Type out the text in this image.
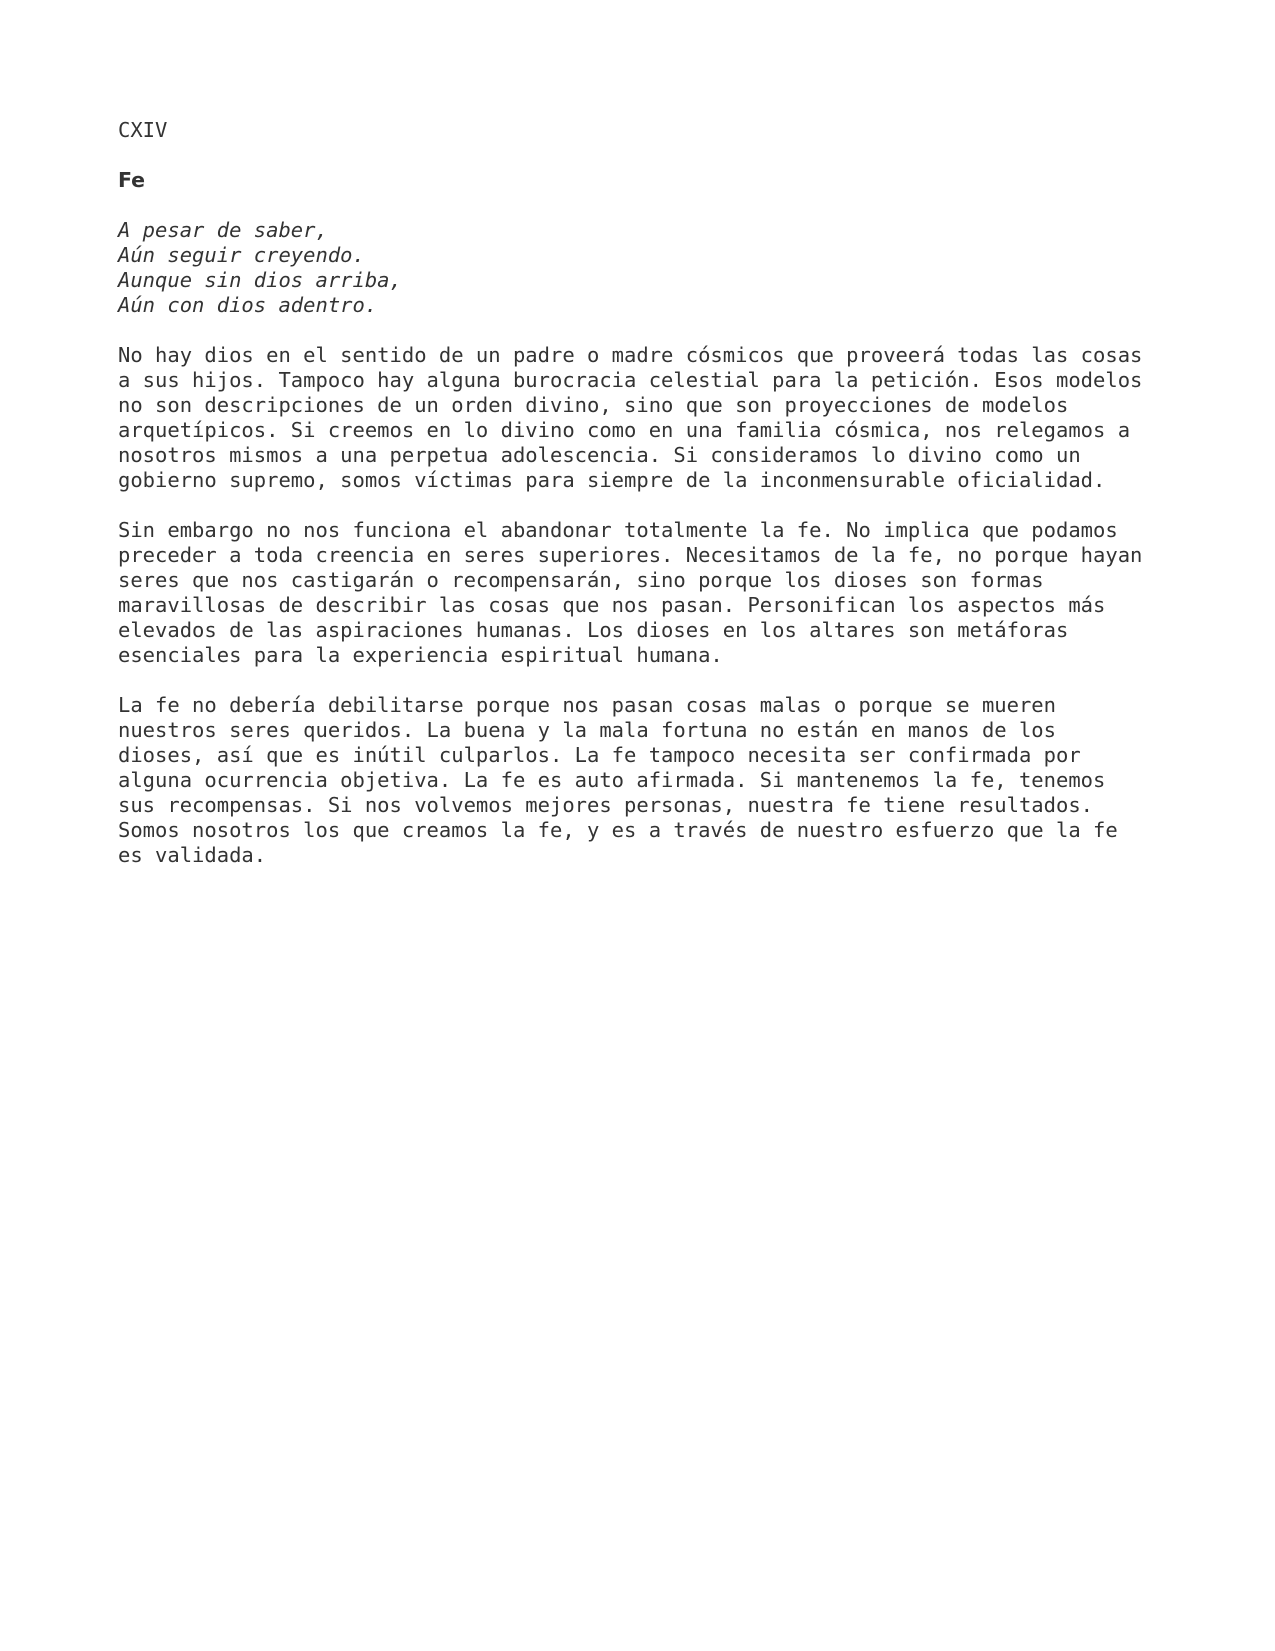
CXIV
Fe
A pesar de saber,
Aún seguir creyendo.
Aunque sin dios arriba,
Aún con dios adentro.
No hay dios en el sentido de un padre o madre cósmicos que proveerá todas las cosas
a sus hijos. Tampoco hay alguna burocracia celestial para la petición. Esos modelos
no son descripciones de un orden divino, sino que son proyecciones de modelos
arquetípicos. Si creemos en lo divino como en una familia cósmica, nos relegamos a
nosotros mismos a una perpetua adolescencia. Si consideramos lo divino como un
gobierno supremo, somos víctimas para siempre de la inconmensurable oficialidad.
Sin embargo no nos funciona el abandonar totalmente la fe. No implica que podamos
preceder a toda creencia en seres superiores. Necesitamos de la fe, no porque hayan
seres que nos castigarán o recompensarán, sino porque los dioses son formas
maravillosas de describir las cosas que nos pasan. Personifican los aspectos más
elevados de las aspiraciones humanas. Los dioses en los altares son metáforas
esenciales para la experiencia espiritual humana.
La fe no debería debilitarse porque nos pasan cosas malas o porque se mueren
nuestros seres queridos. La buena y la mala fortuna no están en manos de los
dioses, así que es inútil culparlos. La fe tampoco necesita ser confirmada por
alguna ocurrencia objetiva. La fe es auto afirmada. Si mantenemos la fe, tenemos
sus recompensas. Si nos volvemos mejores personas, nuestra fe tiene resultados.
Somos nosotros los que creamos la fe, y es a través de nuestro esfuerzo que la fe
es validada.
